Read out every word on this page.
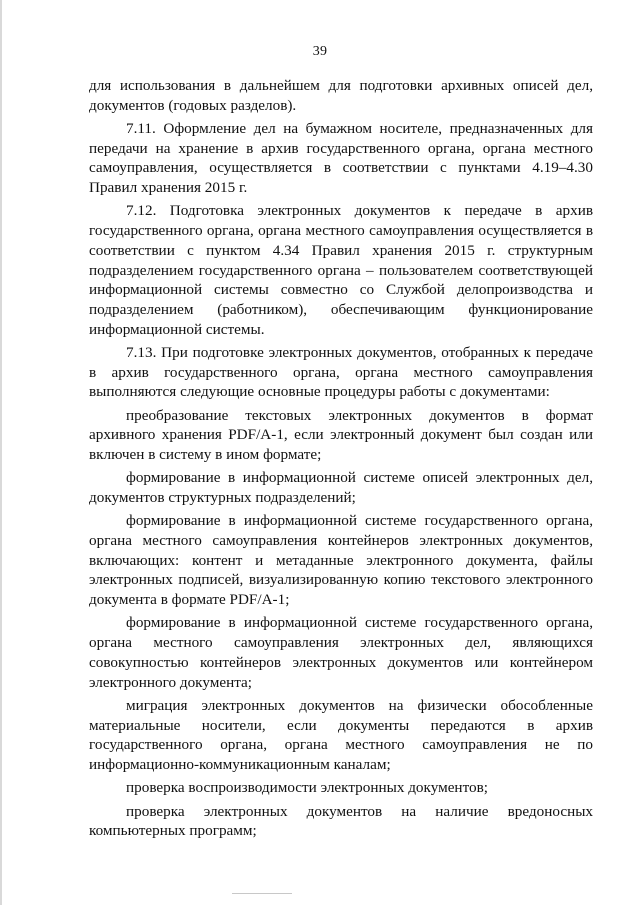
39

для использования в дальнейшем для подготовки архивных описей дел, документов (годовых разделов).

7.11. Оформление дел на бумажном носителе, предназначенных для передачи на хранение в архив государственного органа, органа местного самоуправления, осуществляется в соответствии с пунктами 4.19–4.30 Правил хранения 2015 г.

7.12. Подготовка электронных документов к передаче в архив государственного органа, органа местного самоуправления осуществляется в соответствии с пунктом 4.34 Правил хранения 2015 г. структурным подразделением государственного органа – пользователем соответствующей информационной системы совместно со Службой делопроизводства и подразделением (работником), обеспечивающим функционирование информационной системы.

7.13. При подготовке электронных документов, отобранных к передаче в архив государственного органа, органа местного самоуправления выполняются следующие основные процедуры работы с документами:

преобразование текстовых электронных документов в формат архивного хранения PDF/A-1, если электронный документ был создан или включен в систему в ином формате;

формирование в информационной системе описей электронных дел, документов структурных подразделений;

формирование в информационной системе государственного органа, органа местного самоуправления контейнеров электронных документов, включающих: контент и метаданные электронного документа, файлы электронных подписей, визуализированную копию текстового электронного документа в формате PDF/A-1;

формирование в информационной системе государственного органа, органа местного самоуправления электронных дел, являющихся совокупностью контейнеров электронных документов или контейнером электронного документа;

миграция электронных документов на физически обособленные материальные носители, если документы передаются в архив государственного органа, органа местного самоуправления не по информационно-коммуникационным каналам;

проверка воспроизводимости электронных документов;

проверка электронных документов на наличие вредоносных компьютерных программ;
